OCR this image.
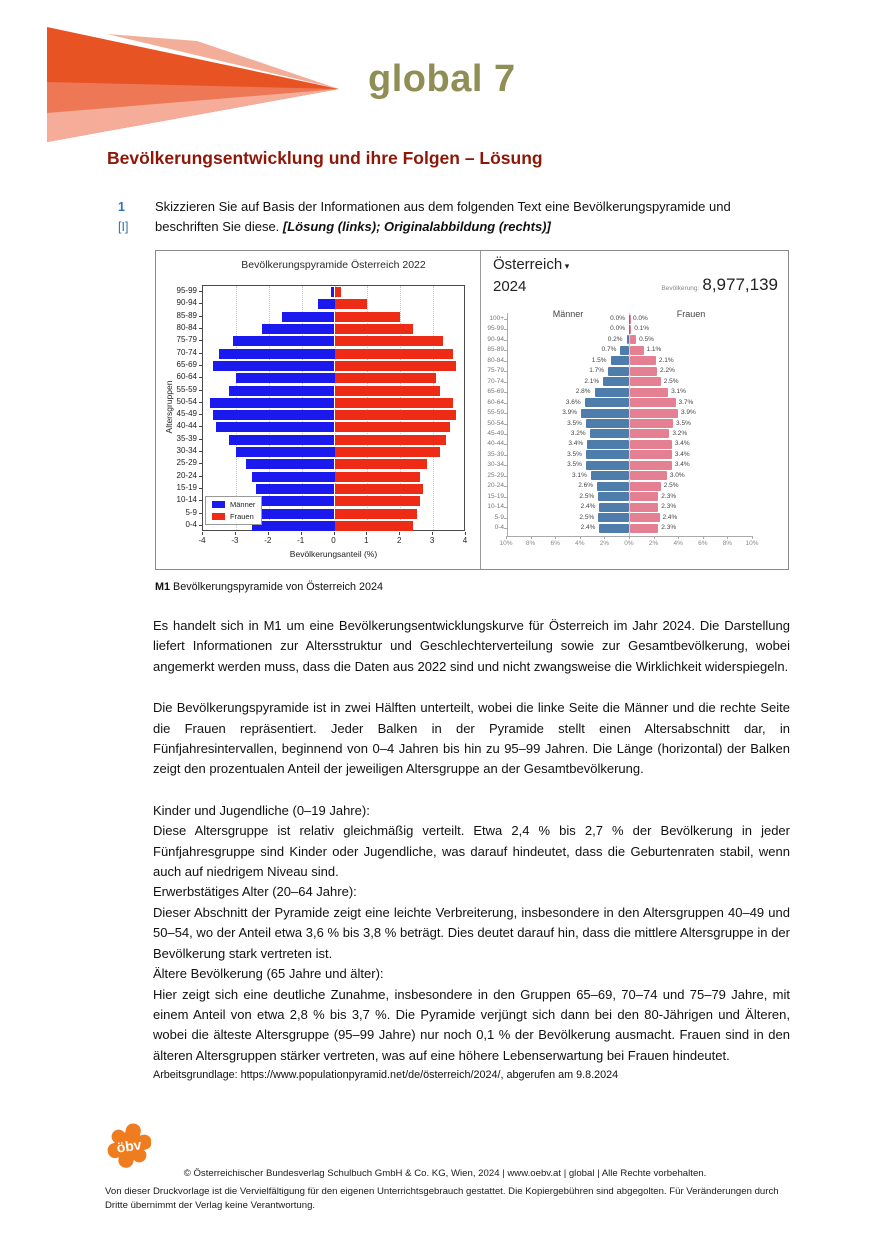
global 7
Bevölkerungsentwicklung und ihre Folgen – Lösung
1
[I]
Skizzieren Sie auf Basis der Informationen aus dem folgenden Text eine Bevölkerungspyramide und beschriften Sie diese. [Lösung (links); Originalabbildung (rechts)]
Bevölkerungspyramide Österreich 2022
-4	-3	-2	-1	0	1	2	3	4
95-99
90-94
85-89
80-84
75-79
70-74
65-69
60-64
55-59
50-54
45-49
40-44
35-39
30-34
25-29
20-24
15-19
10-14
5-9
0-4
Bevölkerungsanteil (%)
Altersgruppen
Männer
Frauen
Österreich ▾
2024	Bevölkerung: 8,977,139
Männer	Frauen
100+	0.0% 0.0%
95-99	0.0% 0.1%
90-94	0.2%	0.5%
85-89	0.7%	1.1%
80-84	1.5%	2.1%
75-79	1.7%	2.2%
70-74	2.1%	2.5%
65-69	2.8%	3.1%
60-64	3.6%	3.7%
55-59	3.9%	3.9%
50-54	3.5%	3.5%
45-49	3.2%	3.2%
40-44	3.4%	3.4%
35-39	3.5%	3.4%
30-34	3.5%	3.4%
25-29	3.1%	3.0%
20-24	2.6%	2.5%
15-19	2.5%	2.3%
10-14	2.4%	2.3%
5-9	2.5%	2.4%
0-4	2.4%	2.3%
10%	8%	6%	4%	2%	0%	2%	4%	6%	8%	10%
M1 Bevölkerungspyramide von Österreich 2024

Es handelt sich in M1 um eine Bevölkerungsentwicklungskurve für Österreich im Jahr 2024. Die Darstellung liefert Informationen zur Altersstruktur und Geschlechterverteilung sowie zur Gesamtbevölkerung, wobei angemerkt werden muss, dass die Daten aus 2022 sind und nicht zwangsweise die Wirklichkeit widerspiegeln.

Die Bevölkerungspyramide ist in zwei Hälften unterteilt, wobei die linke Seite die Männer und die rechte Seite die Frauen repräsentiert. Jeder Balken in der Pyramide stellt einen Altersabschnitt dar, in Fünfjahresintervallen, beginnend von 0–4 Jahren bis hin zu 95–99 Jahren. Die Länge (horizontal) der Balken zeigt den prozentualen Anteil der jeweiligen Altersgruppe an der Gesamtbevölkerung.

Kinder und Jugendliche (0–19 Jahre):
Diese Altersgruppe ist relativ gleichmäßig verteilt. Etwa 2,4 % bis 2,7 % der Bevölkerung in jeder Fünfjahresgruppe sind Kinder oder Jugendliche, was darauf hindeutet, dass die Geburtenraten stabil, wenn auch auf niedrigem Niveau sind.
Erwerbstätiges Alter (20–64 Jahre):
Dieser Abschnitt der Pyramide zeigt eine leichte Verbreiterung, insbesondere in den Altersgruppen 40–49 und 50–54, wo der Anteil etwa 3,6 % bis 3,8 % beträgt. Dies deutet darauf hin, dass die mittlere Altersgruppe in der Bevölkerung stark vertreten ist.
Ältere Bevölkerung (65 Jahre und älter):
Hier zeigt sich eine deutliche Zunahme, insbesondere in den Gruppen 65–69, 70–74 und 75–79 Jahre, mit einem Anteil von etwa 2,8 % bis 3,7 %. Die Pyramide verjüngt sich dann bei den 80-Jährigen und Älteren, wobei die älteste Altersgruppe (95–99 Jahre) nur noch 0,1 % der Bevölkerung ausmacht. Frauen sind in den älteren Altersgruppen stärker vertreten, was auf eine höhere Lebenserwartung bei Frauen hindeutet.
Arbeitsgrundlage: https://www.populationpyramid.net/de/österreich/2024/, abgerufen am 9.8.2024
öbv
© Österreichischer Bundesverlag Schulbuch GmbH & Co. KG, Wien, 2024 | www.oebv.at | global | Alle Rechte vorbehalten.
Von dieser Druckvorlage ist die Vervielfältigung für den eigenen Unterrichtsgebrauch gestattet. Die Kopiergebühren sind abgegolten. Für Veränderungen durch Dritte übernimmt der Verlag keine Verantwortung.
